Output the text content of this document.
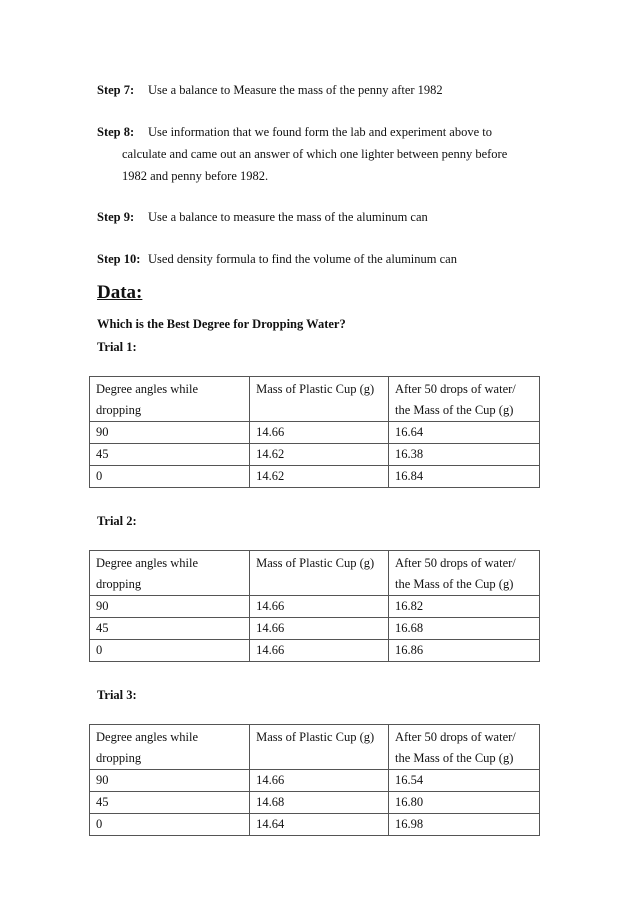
Step 7: Use a balance to Measure the mass of the penny after 1982
Step 8: Use information that we found form the lab and experiment above to
calculate and came out an answer of which one lighter between penny before
1982 and penny before 1982.
Step 9: Use a balance to measure the mass of the aluminum can
Step 10: Used density formula to find the volume of the aluminum can
Data:
Which is the Best Degree for Dropping Water?
Trial 1:
Degree angles while
dropping	Mass of Plastic Cup (g)	After 50 drops of water/
the Mass of the Cup (g)
90	14.66	16.64
45	14.62	16.38
0	14.62	16.84
Trial 2:
Degree angles while
dropping	Mass of Plastic Cup (g)	After 50 drops of water/
the Mass of the Cup (g)
90	14.66	16.82
45	14.66	16.68
0	14.66	16.86
Trial 3:
Degree angles while
dropping	Mass of Plastic Cup (g)	After 50 drops of water/
the Mass of the Cup (g)
90	14.66	16.54
45	14.68	16.80
0	14.64	16.98
